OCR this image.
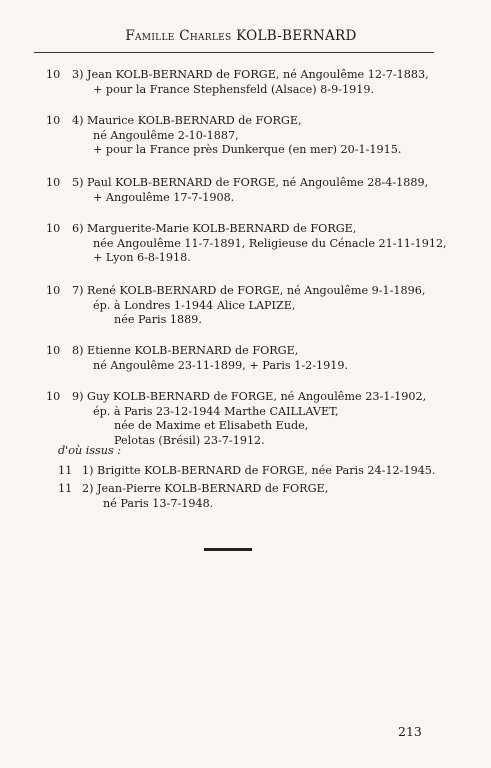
Famille Charles KOLB-BERNARD
10	3) Jean KOLB-BERNARD de FORGE, né Angoulême 12-7-1883,
+ pour la France Stephensfeld (Alsace) 8-9-1919.
10	4) Maurice KOLB-BERNARD de FORGE,
né Angoulême 2-10-1887,
+ pour la France près Dunkerque (en mer) 20-1-1915.
10	5) Paul KOLB-BERNARD de FORGE, né Angoulême 28-4-1889,
+ Angoulême 17-7-1908.
10	6) Marguerite-Marie KOLB-BERNARD de FORGE,
née Angoulême 11-7-1891, Religieuse du Cénacle 21-11-1912,
+ Lyon 6-8-1918.
10	7) René KOLB-BERNARD de FORGE, né Angoulême 9-1-1896,
ép. à Londres 1-1944 Alice LAPIZE,
née Paris 1889.
10	8) Etienne KOLB-BERNARD de FORGE,
né Angoulême 23-11-1899, + Paris 1-2-1919.
10	9) Guy KOLB-BERNARD de FORGE, né Angoulême 23-1-1902,
ép. à Paris 23-12-1944 Marthe CAILLAVET,
née de Maxime et Elisabeth Eude,
Pelotas (Brésil) 23-7-1912.
d'où issus :
11 1) Brigitte KOLB-BERNARD de FORGE, née Paris 24-12-1945.
11 2) Jean-Pierre KOLB-BERNARD de FORGE,
né Paris 13-7-1948.
213
